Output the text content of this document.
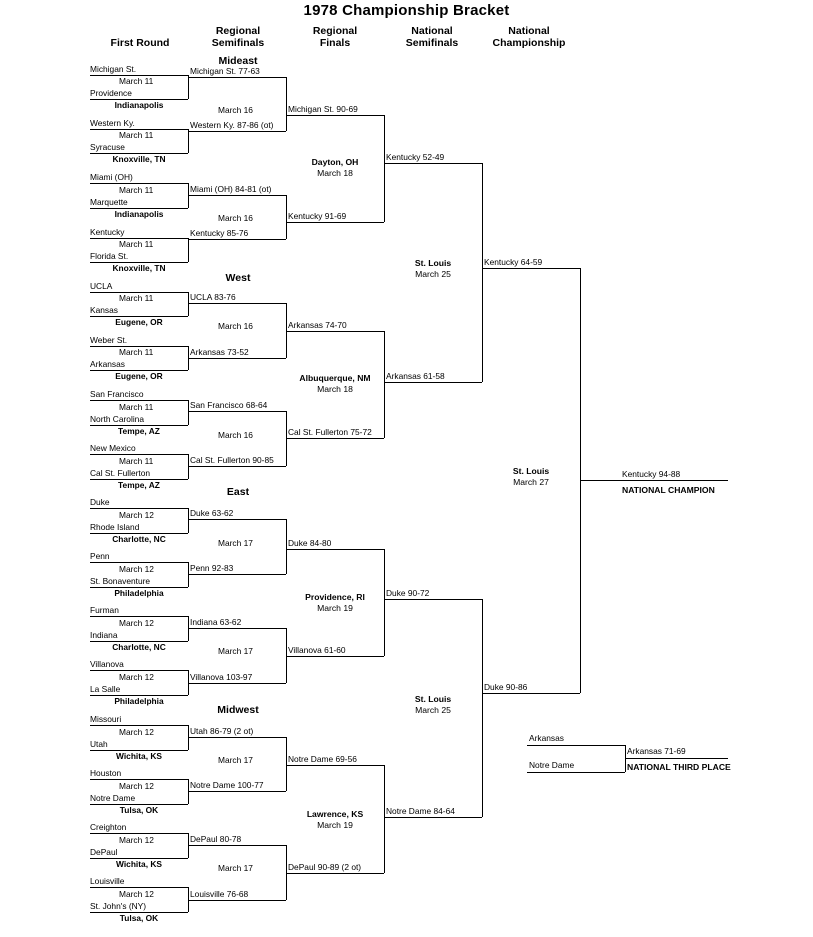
1978 Championship Bracket
First Round
Regional
Semifinals
Regional
Finals
National
Semifinals
National
Championship
Mideast
West
East
Midwest
Michigan St.
March 11
Providence
Indianapolis
Western Ky.
March 11
Syracuse
Knoxville, TN
Miami (OH)
March 11
Marquette
Indianapolis
Kentucky
March 11
Florida St.
Knoxville, TN
UCLA
March 11
Kansas
Eugene, OR
Weber St.
March 11
Arkansas
Eugene, OR
San Francisco
March 11
North Carolina
Tempe, AZ
New Mexico
March 11
Cal St. Fullerton
Tempe, AZ
Duke
March 12
Rhode Island
Charlotte, NC
Penn
March 12
St. Bonaventure
Philadelphia
Furman
March 12
Indiana
Charlotte, NC
Villanova
March 12
La Salle
Philadelphia
Missouri
March 12
Utah
Wichita, KS
Houston
March 12
Notre Dame
Tulsa, OK
Creighton
March 12
DePaul
Wichita, KS
Louisville
March 12
St. John's (NY)
Tulsa, OK
Michigan St. 77-63
March 16
Western Ky. 87-86 (ot)
Miami (OH) 84-81 (ot)
March 16
Kentucky 85-76
UCLA 83-76
March 16
Arkansas 73-52
San Francisco 68-64
March 16
Cal St. Fullerton 90-85
Duke 63-62
March 17
Penn 92-83
Indiana 63-62
March 17
Villanova 103-97
Utah 86-79 (2 ot)
March 17
Notre Dame 100-77
DePaul 80-78
March 17
Louisville 76-68
Michigan St. 90-69
Dayton, OH
March 18
Kentucky 91-69
Arkansas 74-70
Albuquerque, NM
March 18
Cal St. Fullerton 75-72
Duke 84-80
Providence, RI
March 19
Villanova 61-60
Notre Dame 69-56
Lawrence, KS
March 19
DePaul 90-89 (2 ot)
Kentucky 52-49
St. Louis
March 25
Arkansas 61-58
Duke 90-72
St. Louis
March 25
Notre Dame 84-64
Kentucky 64-59
St. Louis
March 27
Duke 90-86
Kentucky 94-88
NATIONAL CHAMPION
Arkansas
Notre Dame
Arkansas 71-69
NATIONAL THIRD PLACE
